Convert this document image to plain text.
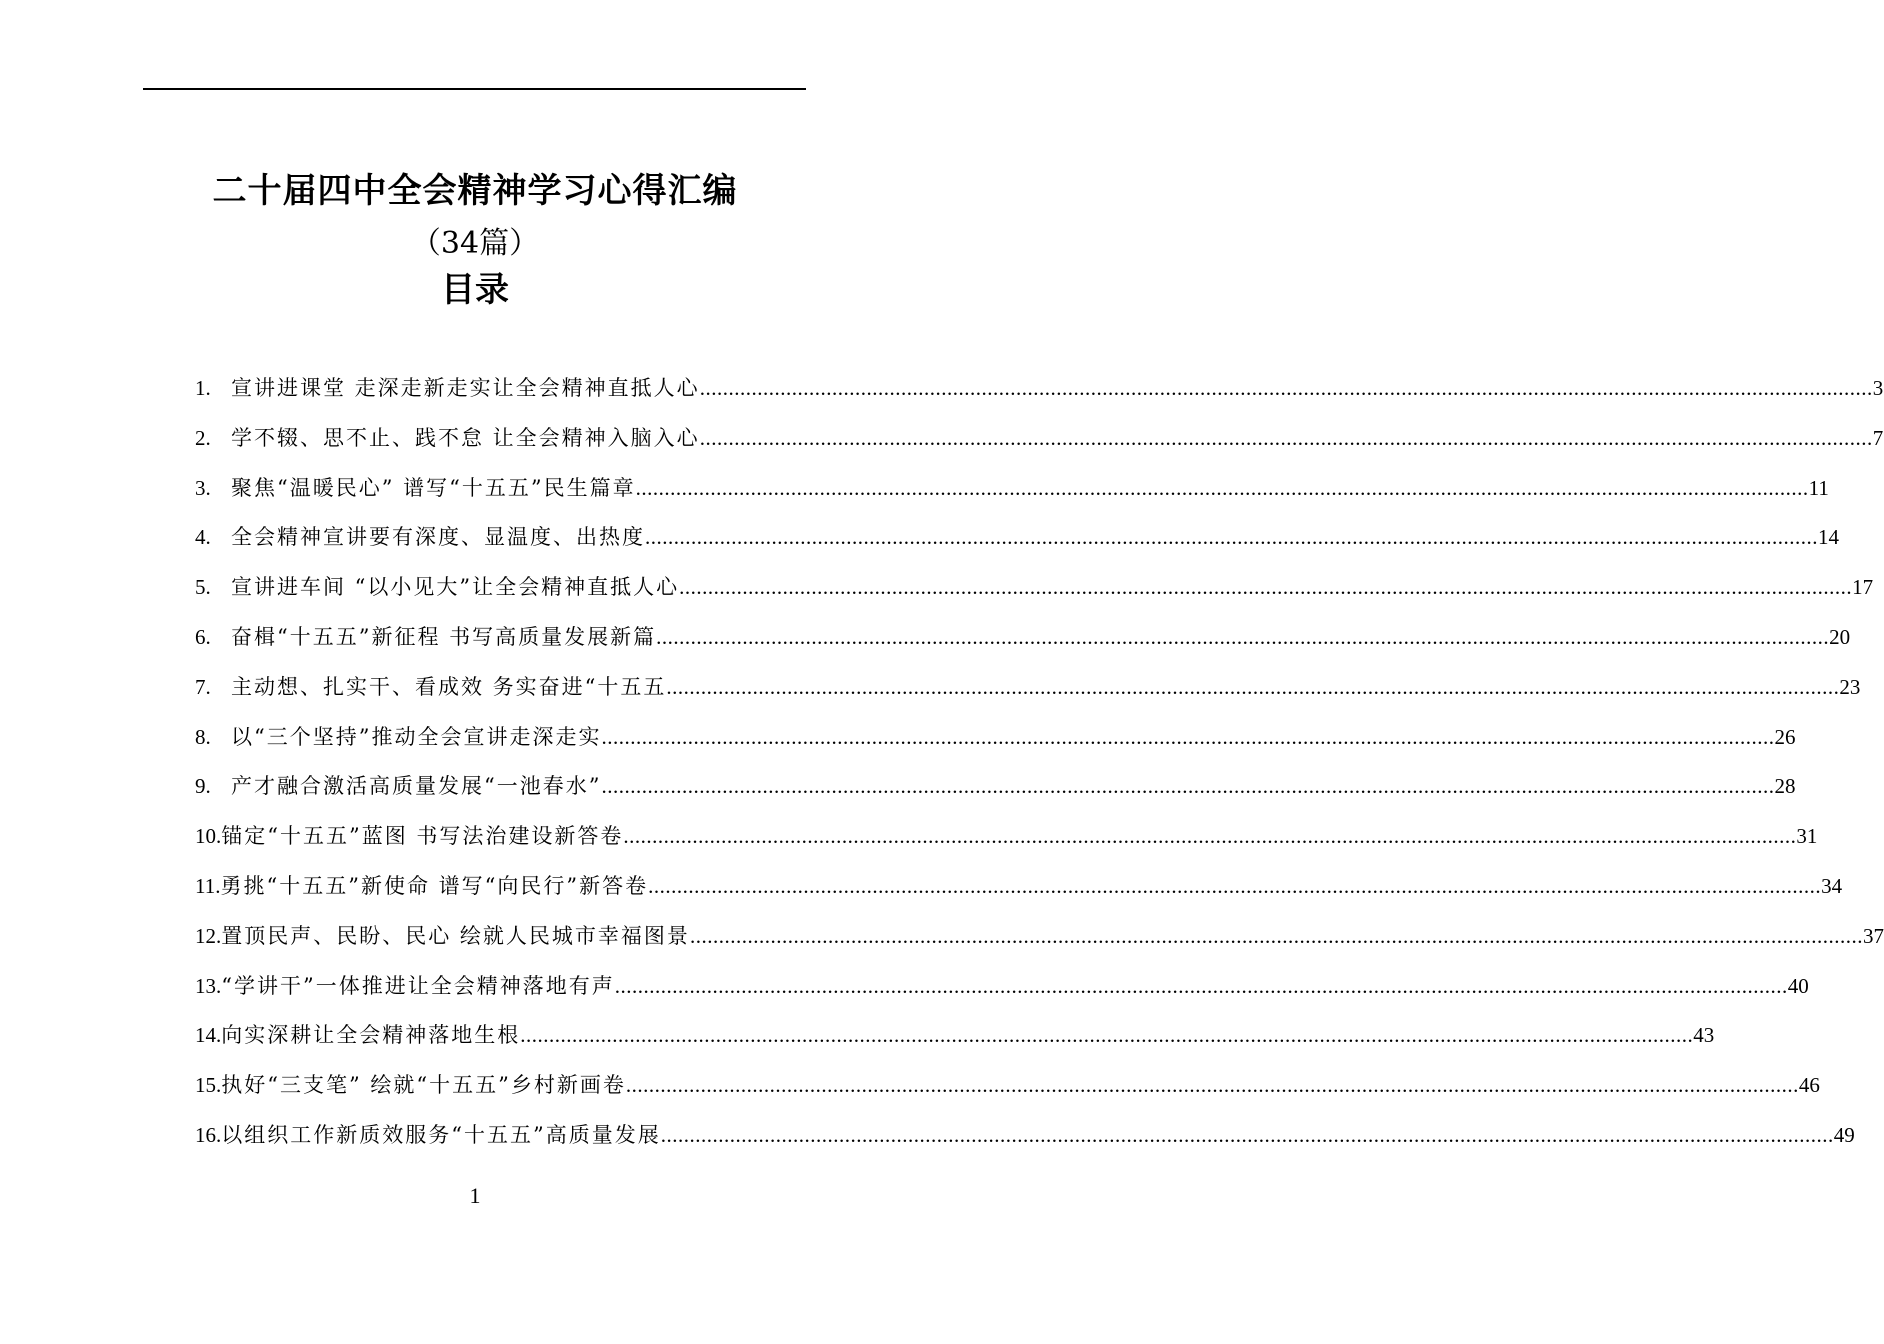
二十届四中全会精神学习心得汇编
（34篇）
目录
1. 宣讲进课堂 走深走新走实让全会精神直抵人心 .....	3
2. 学不辍、思不止、践不怠 让全会精神入脑入心 .....	7
3. 聚焦“温暖民心” 谱写“十五五”民生篇章 .....	11
4. 全会精神宣讲要有深度、显温度、出热度 .....	14
5. 宣讲进车间 “以小见大”让全会精神直抵人心 .....	17
6. 奋楫“十五五”新征程 书写高质量发展新篇 .....	20
7. 主动想、扎实干、看成效 务实奋进“十五五 .....	23
8. 以“三个坚持”推动全会宣讲走深走实 .....	26
9. 产才融合激活高质量发展“一池春水” .....	28
10. 锚定“十五五”蓝图 书写法治建设新答卷 .....	31
11. 勇挑“十五五”新使命 谱写“向民行”新答卷 .....	34
12. 置顶民声、民盼、民心 绘就人民城市幸福图景 .....	37
13. “学讲干”一体推进让全会精神落地有声 .....	40
14. 向实深耕让全会精神落地生根 .....	43
15. 执好“三支笔” 绘就“十五五”乡村新画卷 .....	46
16. 以组织工作新质效服务“十五五”高质量发展 .....	49
1
